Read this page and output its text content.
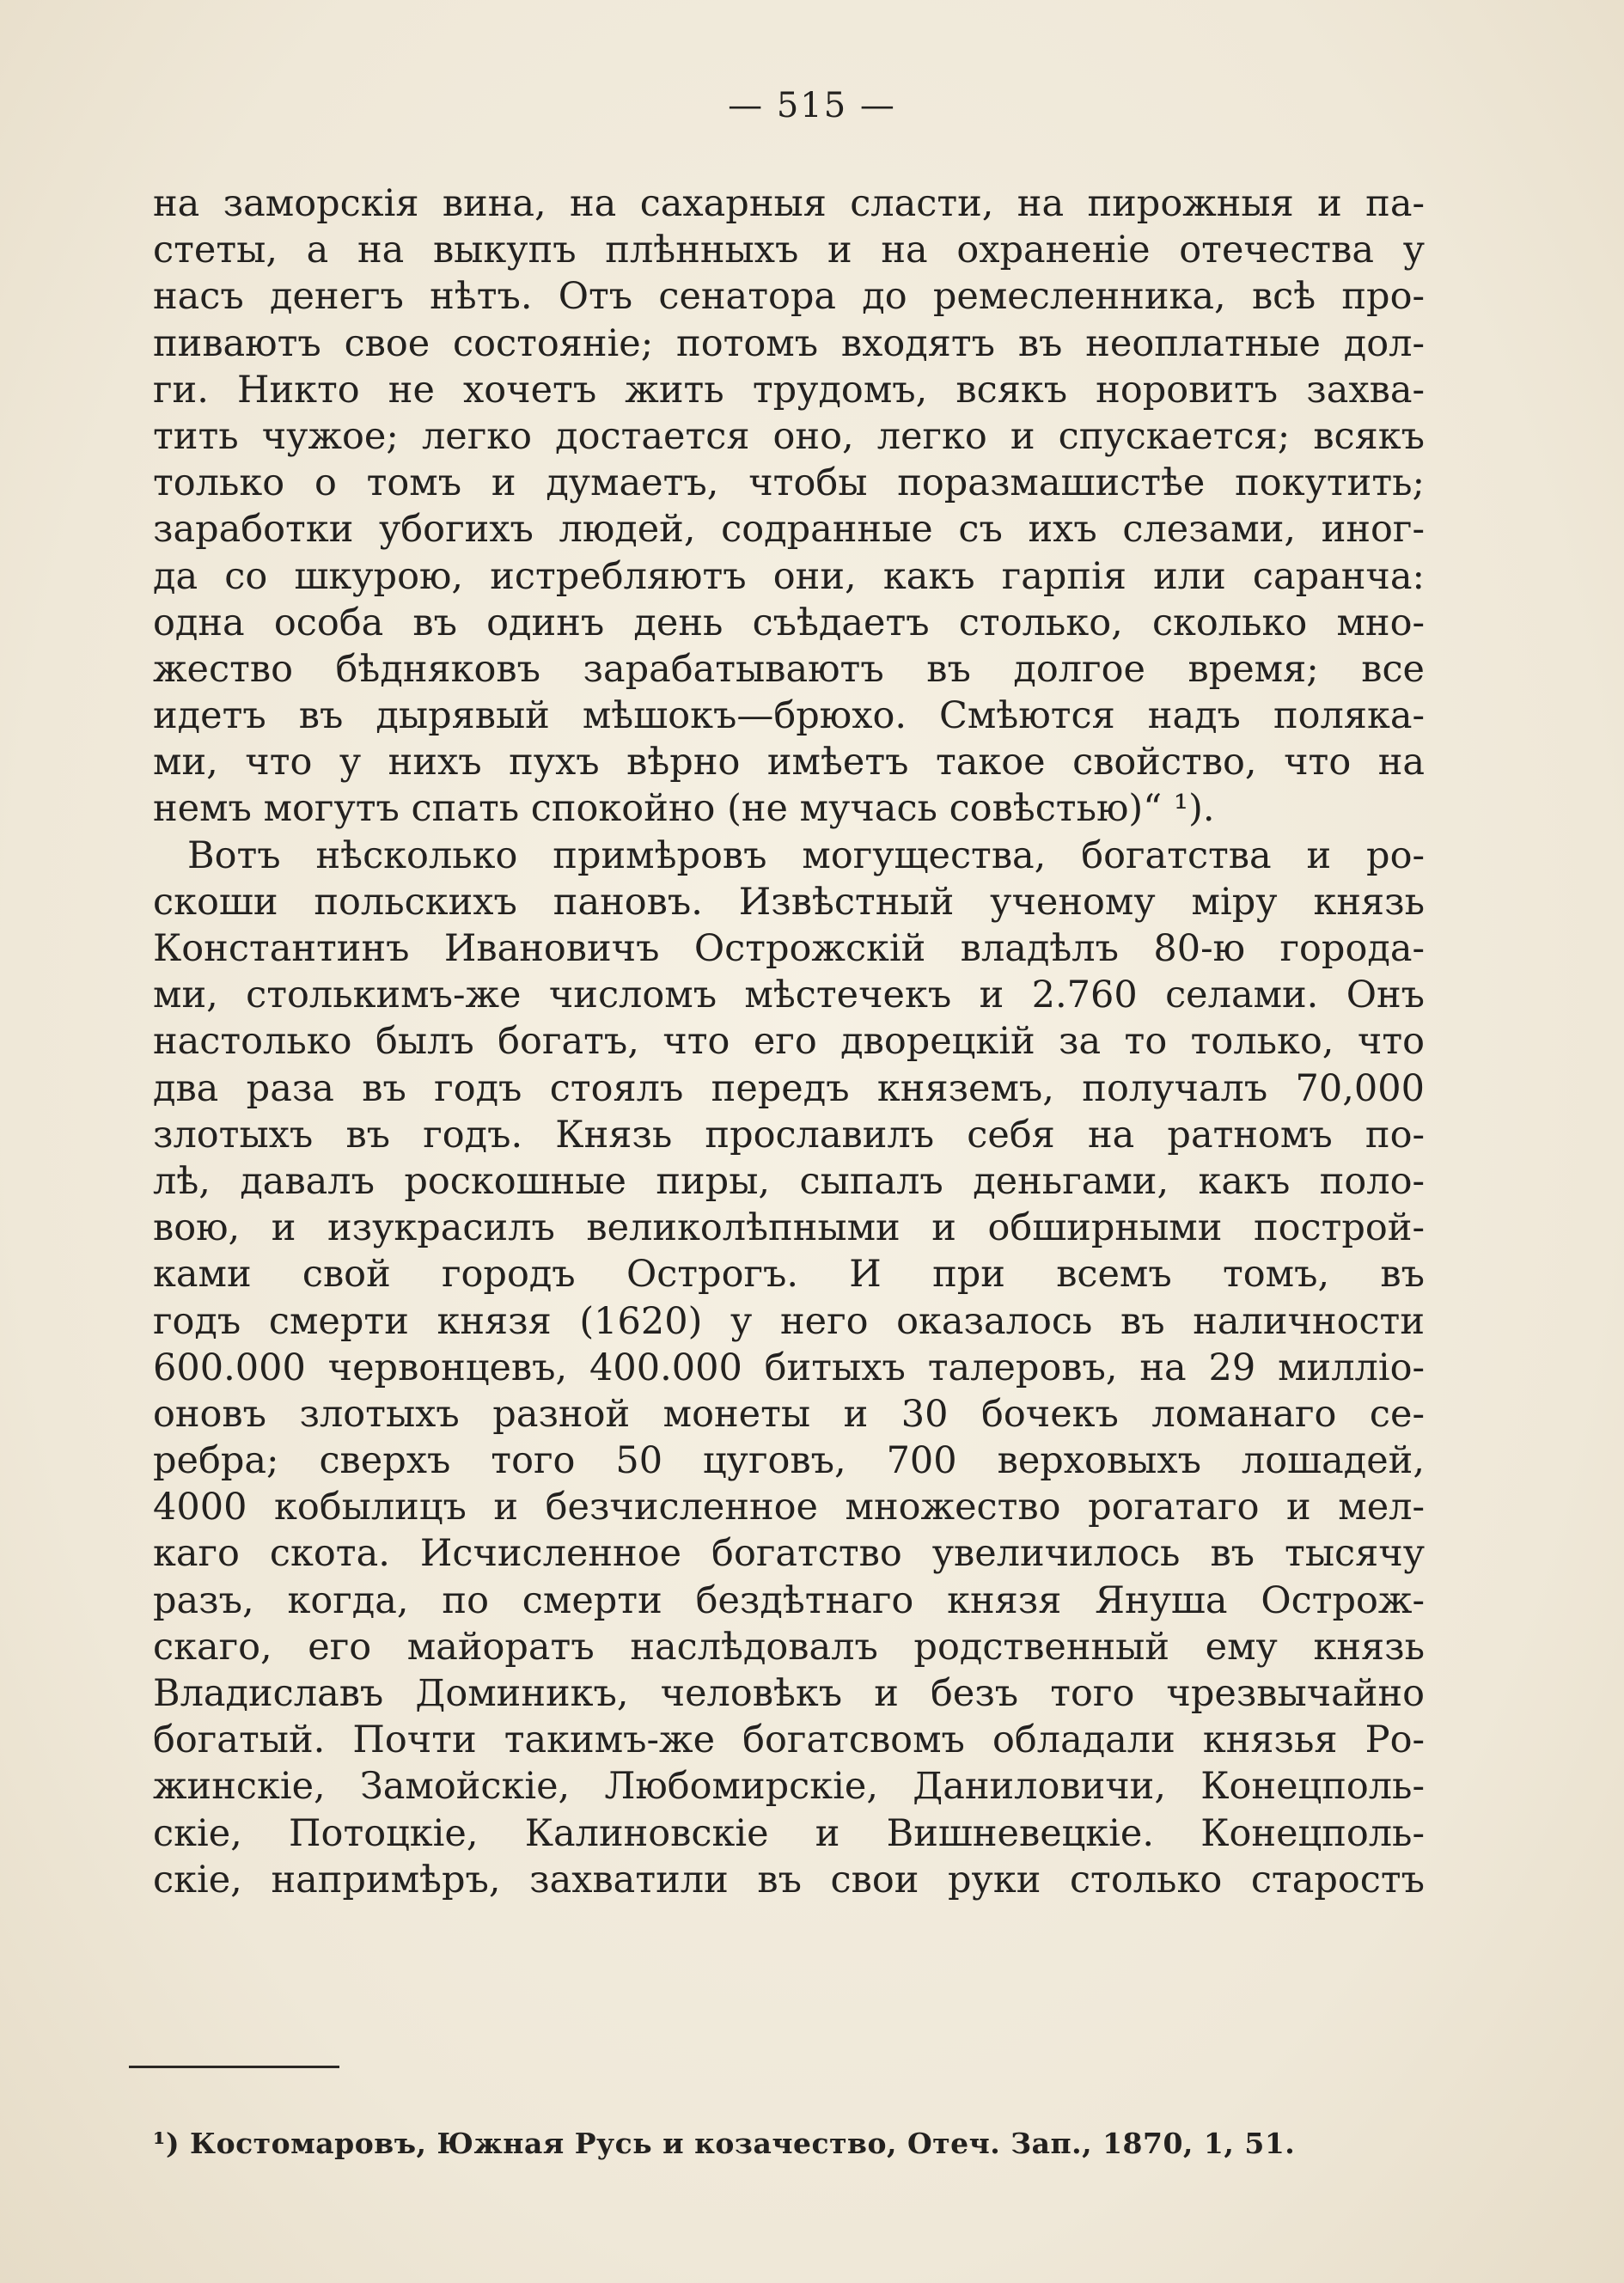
— 515 —
на заморскія вина, на сахарныя сласти, на пирожныя и па-
стеты, а на выкупъ плѣнныхъ и на охраненіе отечества у
насъ денегъ нѣтъ. Отъ сенатора до ремесленника, всѣ про-
пиваютъ свое состояніе; потомъ входятъ въ неоплатные дол-
ги. Никто не хочетъ жить трудомъ, всякъ норовитъ захва-
тить чужое; легко достается оно, легко и спускается; всякъ
только о томъ и думаетъ, чтобы поразмашистѣе покутить;
заработки убогихъ людей, содранные съ ихъ слезами, иног-
да со шкурою, истребляютъ они, какъ гарпія или саранча:
одна особа въ одинъ день съѣдаетъ столько, сколько мно-
жество бѣдняковъ зарабатываютъ въ долгое время; все
идетъ въ дырявый мѣшокъ—брюхо. Смѣются надъ поляка-
ми, что у нихъ пухъ вѣрно имѣетъ такое свойство, что на
немъ могутъ спать спокойно (не мучась совѣстью)“ ¹).
Вотъ нѣсколько примѣровъ могущества, богатства и ро-
скоши польскихъ пановъ. Извѣстный ученому міру князь
Константинъ Ивановичъ Острожскій владѣлъ 80-ю города-
ми, столькимъ-же числомъ мѣстечекъ и 2.760 селами. Онъ
настолько былъ богатъ, что его дворецкій за то только, что
два раза въ годъ стоялъ передъ княземъ, получалъ 70,000
злотыхъ въ годъ. Князь прославилъ себя на ратномъ по-
лѣ, давалъ роскошные пиры, сыпалъ деньгами, какъ поло-
вою, и изукрасилъ великолѣпными и обширными построй-
ками свой городъ Острогъ. И при всемъ томъ, въ
годъ смерти князя (1620) у него оказалось въ наличности
600.000 червонцевъ, 400.000 битыхъ талеровъ, на 29 милліо-
оновъ злотыхъ разной монеты и 30 бочекъ ломанаго се-
ребра; сверхъ того 50 цуговъ, 700 верховыхъ лошадей,
4000 кобылицъ и безчисленное множество рогатаго и мел-
каго скота. Исчисленное богатство увеличилось въ тысячу
разъ, когда, по смерти бездѣтнаго князя Януша Острож-
скаго, его майоратъ наслѣдовалъ родственный ему князь
Владиславъ Доминикъ, человѣкъ и безъ того чрезвычайно
богатый. Почти такимъ-же богатсвомъ обладали князья Ро-
жинскіе, Замойскіе, Любомирскіе, Даниловичи, Конецполь-
скіе, Потоцкіе, Калиновскіе и Вишневецкіе. Конецполь-
скіе, напримѣръ, захватили въ свои руки столько старостъ
¹) Костомаровъ, Южная Русь и козачество, Отеч. Зап., 1870, 1, 51.
